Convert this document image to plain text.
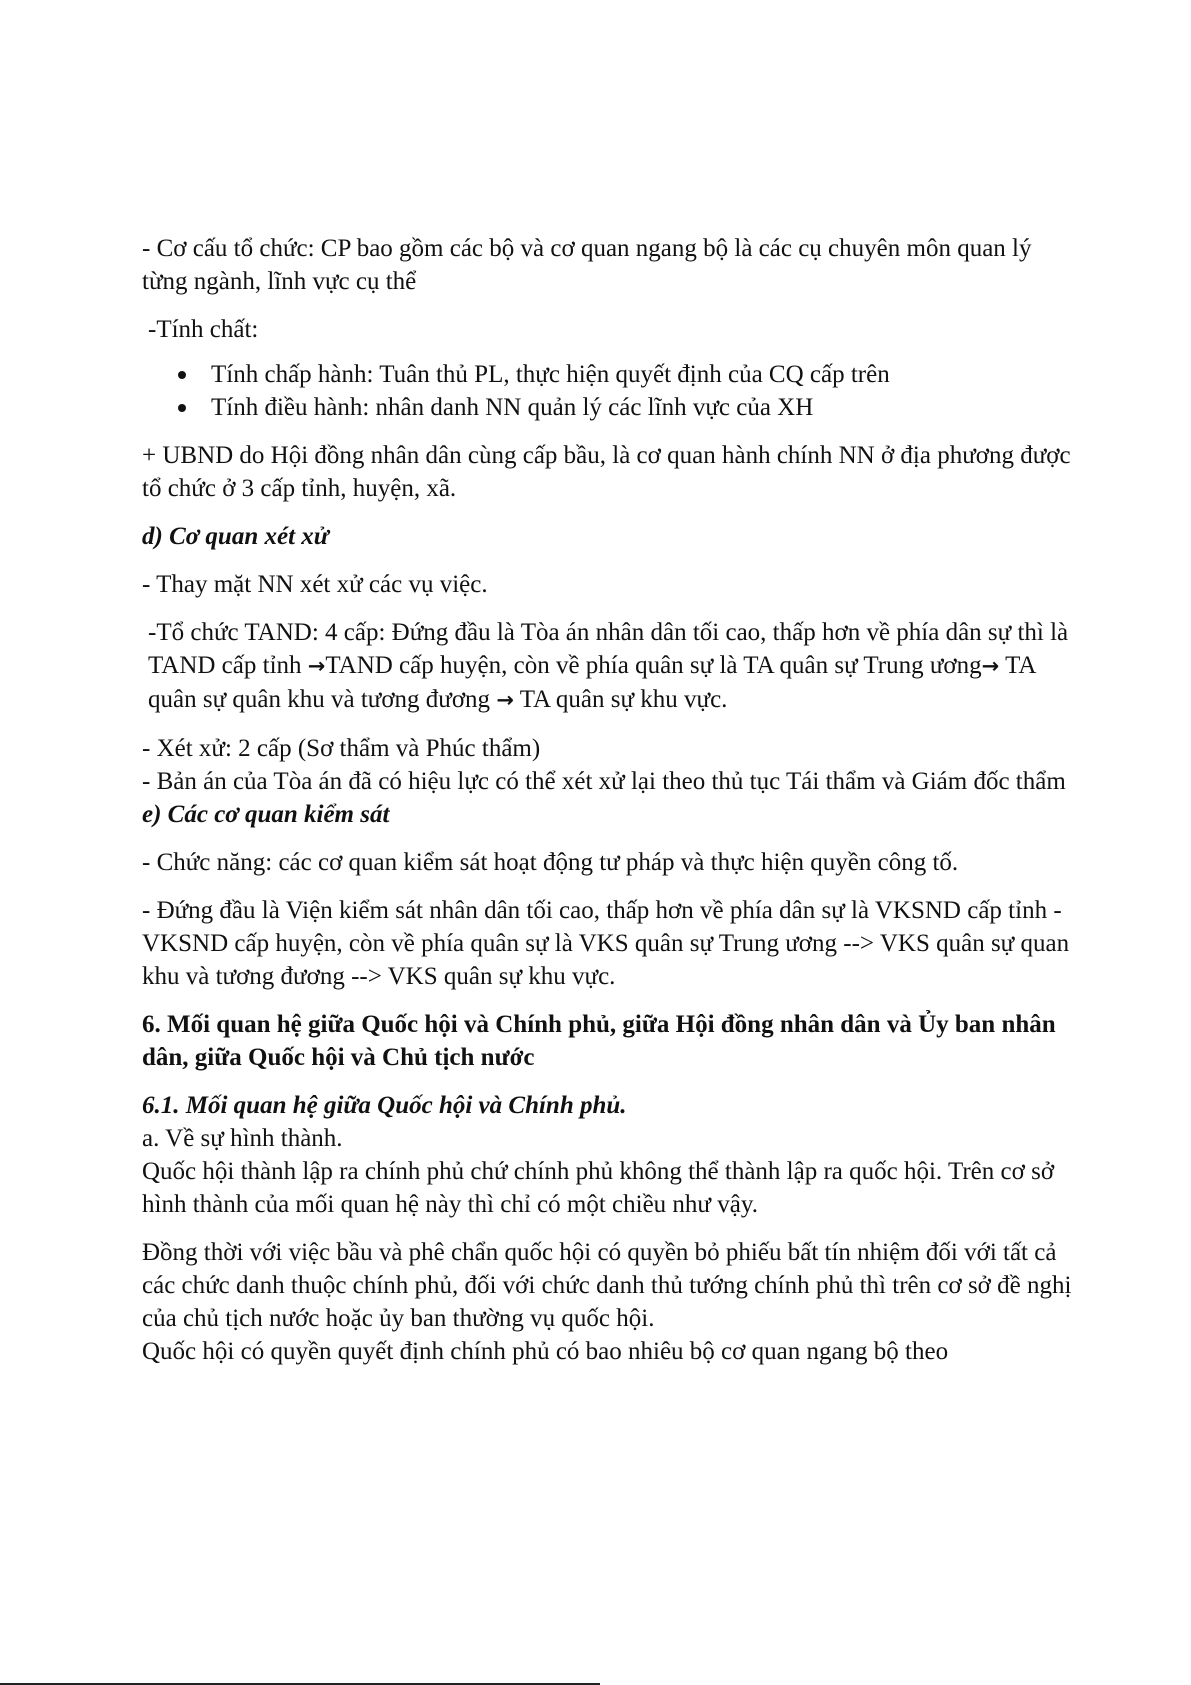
- Cơ cấu tổ chức: CP bao gồm các bộ và cơ quan ngang bộ là các cụ chuyên môn quan lý từng ngành, lĩnh vực cụ thể

-Tính chất:

Tính chấp hành: Tuân thủ PL, thực hiện quyết định của CQ cấp trên
Tính điều hành: nhân danh NN quản lý các lĩnh vực của XH

+ UBND do Hội đồng nhân dân cùng cấp bầu, là cơ quan hành chính NN ở địa phương được tổ chức ở 3 cấp tỉnh, huyện, xã.

d) Cơ quan xét xử

- Thay mặt NN xét xử các vụ việc.

-Tổ chức TAND: 4 cấp: Đứng đầu là Tòa án nhân dân tối cao, thấp hơn về phía dân sự thì là TAND cấp tỉnh →TAND cấp huyện, còn về phía quân sự là TA quân sự Trung ương→ TA quân sự quân khu và tương đương → TA quân sự khu vực.

- Xét xử: 2 cấp (Sơ thẩm và Phúc thẩm)

- Bản án của Tòa án đã có hiệu lực có thể xét xử lại theo thủ tục Tái thẩm và Giám đốc thẩm

e) Các cơ quan kiểm sát

- Chức năng: các cơ quan kiểm sát hoạt động tư pháp và thực hiện quyền công tố.

- Đứng đầu là Viện kiểm sát nhân dân tối cao, thấp hơn về phía dân sự là VKSND cấp tỉnh - VKSND cấp huyện, còn về phía quân sự là VKS quân sự Trung ương --> VKS quân sự quan khu và tương đương --> VKS quân sự khu vực.

6. Mối quan hệ giữa Quốc hội và Chính phủ, giữa Hội đồng nhân dân và Ủy ban nhân dân, giữa Quốc hội và Chủ tịch nước

6.1. Mối quan hệ giữa Quốc hội và Chính phủ.

a. Về sự hình thành.

Quốc hội thành lập ra chính phủ chứ chính phủ không thể thành lập ra quốc hội. Trên cơ sở hình thành của mối quan hệ này thì chỉ có một chiều như vậy.

Đồng thời với việc bầu và phê chẩn quốc hội có quyền bỏ phiếu bất tín nhiệm đối với tất cả các chức danh thuộc chính phủ, đối với chức danh thủ tướng chính phủ thì trên cơ sở đề nghị của chủ tịch nước hoặc ủy ban thường vụ quốc hội.

Quốc hội có quyền quyết định chính phủ có bao nhiêu bộ cơ quan ngang bộ theo
